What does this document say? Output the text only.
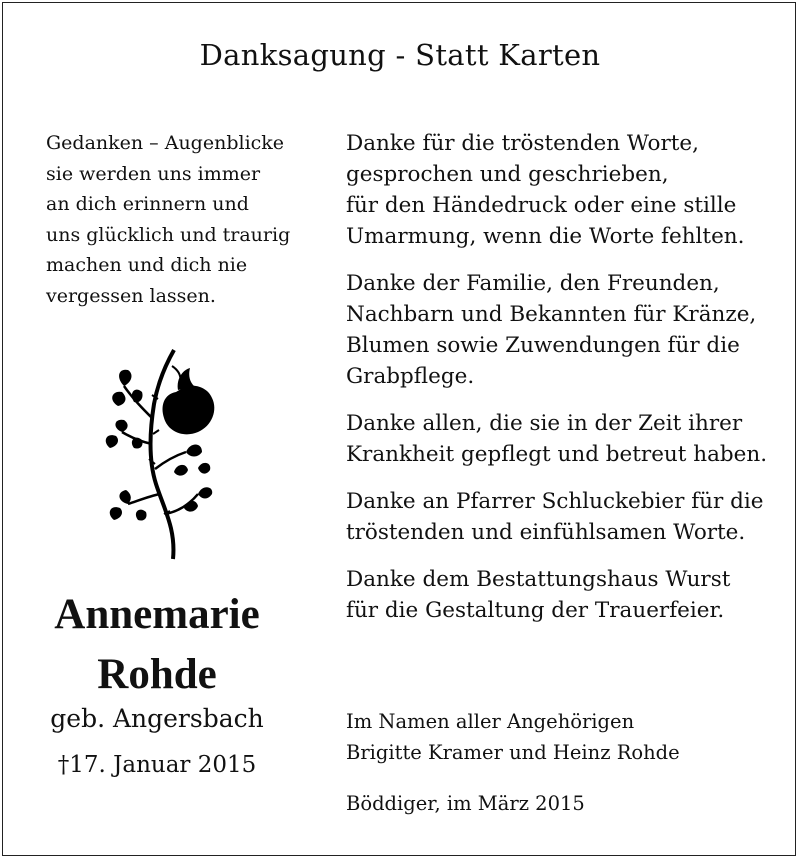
Danksagung - Statt Karten
Gedanken – Augenblicke
sie werden uns immer
an dich erinnern und
uns glücklich und traurig
machen und dich nie
vergessen lassen.
Annemarie
Rohde
geb. Angersbach
†17. Januar 2015
Danke für die tröstenden Worte,
gesprochen und geschrieben,
für den Händedruck oder eine stille
Umarmung, wenn die Worte fehlten.
Danke der Familie, den Freunden,
Nachbarn und Bekannten für Kränze,
Blumen sowie Zuwendungen für die
Grabpflege.
Danke allen, die sie in der Zeit ihrer
Krankheit gepflegt und betreut haben.
Danke an Pfarrer Schluckebier für die
tröstenden und einfühlsamen Worte.
Danke dem Bestattungshaus Wurst
für die Gestaltung der Trauerfeier.
Im Namen aller Angehörigen
Brigitte Kramer und Heinz Rohde
Böddiger, im März 2015
